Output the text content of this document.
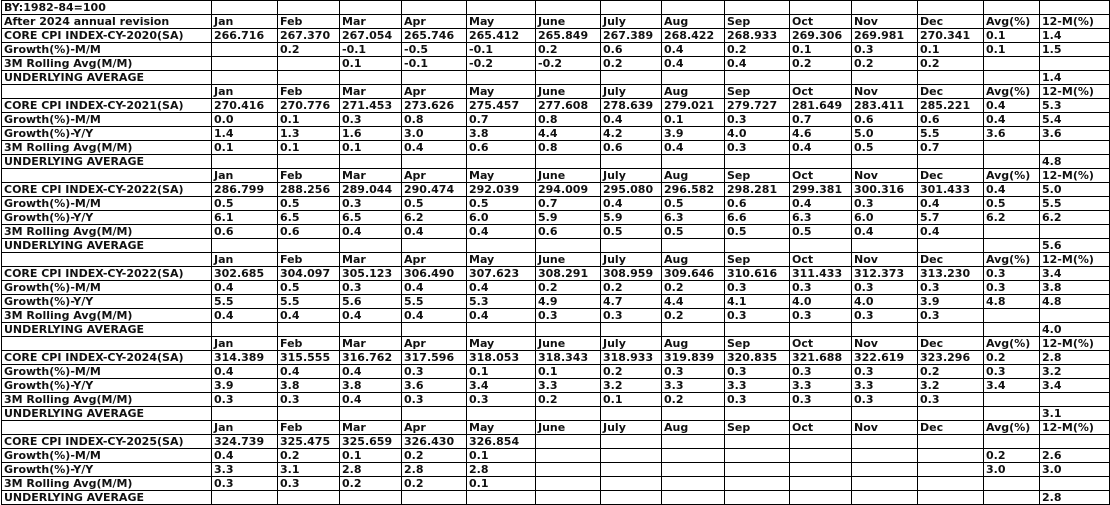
BY:1982-84=100														
After 2024 annual revision	Jan	Feb	Mar	Apr	May	June	July	Aug	Sep	Oct	Nov	Dec	Avg(%)	12-M(%)
CORE CPI INDEX-CY-2020(SA)	266.716	267.370	267.054	265.746	265.412	265.849	267.389	268.422	268.933	269.306	269.981	270.341	0.1	1.4
Growth(%)-M/M		0.2	-0.1	-0.5	-0.1	0.2	0.6	0.4	0.2	0.1	0.3	0.1	0.1	1.5
3M Rolling Avg(M/M)			0.1	-0.1	-0.2	-0.2	0.2	0.4	0.4	0.2	0.2	0.2		
UNDERLYING AVERAGE														1.4
	Jan	Feb	Mar	Apr	May	June	July	Aug	Sep	Oct	Nov	Dec	Avg(%)	12-M(%)
CORE CPI INDEX-CY-2021(SA)	270.416	270.776	271.453	273.626	275.457	277.608	278.639	279.021	279.727	281.649	283.411	285.221	0.4	5.3
Growth(%)-M/M	0.0	0.1	0.3	0.8	0.7	0.8	0.4	0.1	0.3	0.7	0.6	0.6	0.4	5.4
Growth(%)-Y/Y	1.4	1.3	1.6	3.0	3.8	4.4	4.2	3.9	4.0	4.6	5.0	5.5	3.6	3.6
3M Rolling Avg(M/M)	0.1	0.1	0.1	0.4	0.6	0.8	0.6	0.4	0.3	0.4	0.5	0.7		
UNDERLYING AVERAGE														4.8
	Jan	Feb	Mar	Apr	May	June	July	Aug	Sep	Oct	Nov	Dec	Avg(%)	12-M(%)
CORE CPI INDEX-CY-2022(SA)	286.799	288.256	289.044	290.474	292.039	294.009	295.080	296.582	298.281	299.381	300.316	301.433	0.4	5.0
Growth(%)-M/M	0.5	0.5	0.3	0.5	0.5	0.7	0.4	0.5	0.6	0.4	0.3	0.4	0.5	5.5
Growth(%)-Y/Y	6.1	6.5	6.5	6.2	6.0	5.9	5.9	6.3	6.6	6.3	6.0	5.7	6.2	6.2
3M Rolling Avg(M/M)	0.6	0.6	0.4	0.4	0.4	0.6	0.5	0.5	0.5	0.5	0.4	0.4		
UNDERLYING AVERAGE														5.6
	Jan	Feb	Mar	Apr	May	June	July	Aug	Sep	Oct	Nov	Dec	Avg(%)	12-M(%)
CORE CPI INDEX-CY-2022(SA)	302.685	304.097	305.123	306.490	307.623	308.291	308.959	309.646	310.616	311.433	312.373	313.230	0.3	3.4
Growth(%)-M/M	0.4	0.5	0.3	0.4	0.4	0.2	0.2	0.2	0.3	0.3	0.3	0.3	0.3	3.8
Growth(%)-Y/Y	5.5	5.5	5.6	5.5	5.3	4.9	4.7	4.4	4.1	4.0	4.0	3.9	4.8	4.8
3M Rolling Avg(M/M)	0.4	0.4	0.4	0.4	0.4	0.3	0.3	0.2	0.3	0.3	0.3	0.3		
UNDERLYING AVERAGE														4.0
	Jan	Feb	Mar	Apr	May	June	July	Aug	Sep	Oct	Nov	Dec	Avg(%)	12-M(%)
CORE CPI INDEX-CY-2024(SA)	314.389	315.555	316.762	317.596	318.053	318.343	318.933	319.839	320.835	321.688	322.619	323.296	0.2	2.8
Growth(%)-M/M	0.4	0.4	0.4	0.3	0.1	0.1	0.2	0.3	0.3	0.3	0.3	0.2	0.3	3.2
Growth(%)-Y/Y	3.9	3.8	3.8	3.6	3.4	3.3	3.2	3.3	3.3	3.3	3.3	3.2	3.4	3.4
3M Rolling Avg(M/M)	0.3	0.3	0.4	0.3	0.3	0.2	0.1	0.2	0.3	0.3	0.3	0.3		
UNDERLYING AVERAGE														3.1
	Jan	Feb	Mar	Apr	May	June	July	Aug	Sep	Oct	Nov	Dec	Avg(%)	12-M(%)
CORE CPI INDEX-CY-2025(SA)	324.739	325.475	325.659	326.430	326.854									
Growth(%)-M/M	0.4	0.2	0.1	0.2	0.1								0.2	2.6
Growth(%)-Y/Y	3.3	3.1	2.8	2.8	2.8								3.0	3.0
3M Rolling Avg(M/M)	0.3	0.3	0.2	0.2	0.1									
UNDERLYING AVERAGE														2.8
